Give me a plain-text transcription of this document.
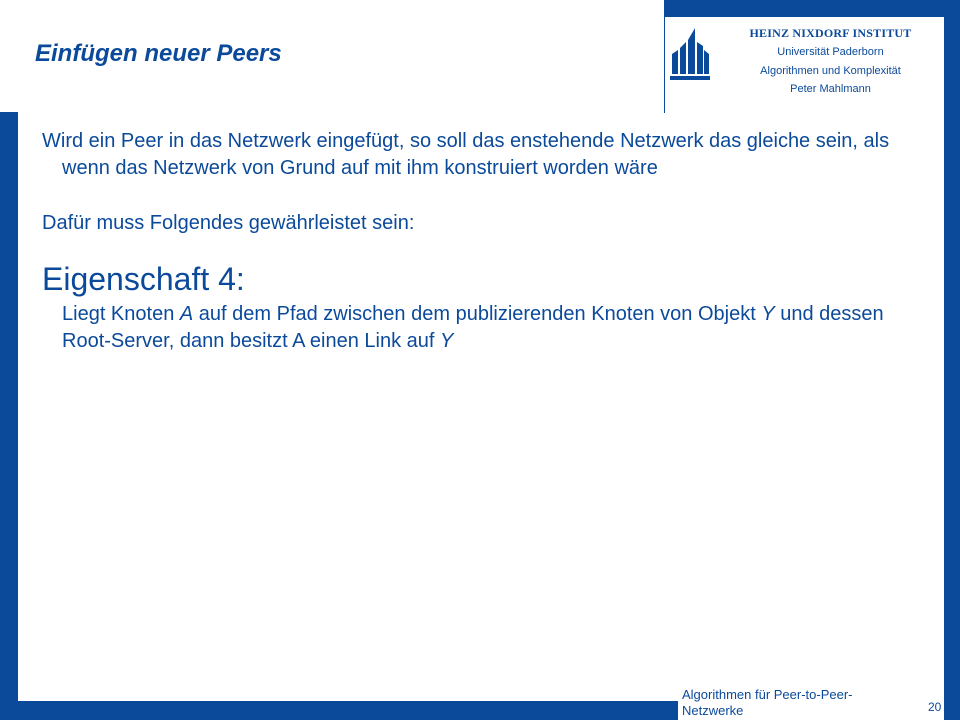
HEINZ NIXDORF INSTITUT
Universität Paderborn
Algorithmen und Komplexität
Peter Mahlmann
Einfügen neuer Peers

Wird ein Peer in das Netzwerk eingefügt, so soll das enstehende Netzwerk das gleiche sein, als wenn das Netzwerk von Grund auf mit ihm konstruiert worden wäre

Dafür muss Folgendes gewährleistet sein:

Eigenschaft 4:

Liegt Knoten A auf dem Pfad zwischen dem publizierenden Knoten von Objekt Y und dessen Root-Server, dann besitzt A einen Link auf Y

Algorithmen für Peer-to-Peer-Netzwerke	20
